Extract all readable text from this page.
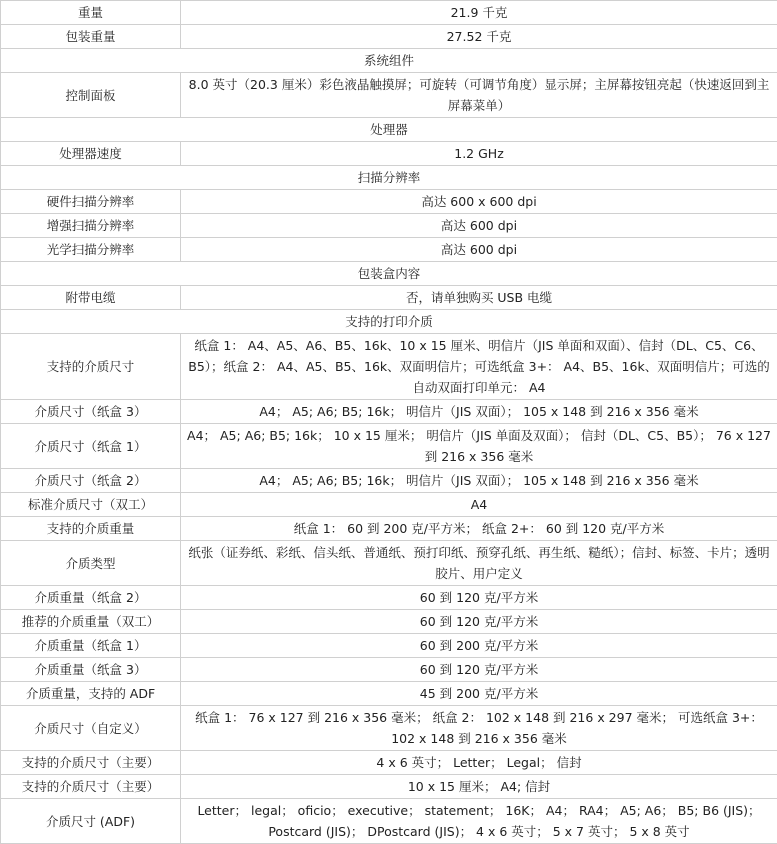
重量	21.9 千克
包装重量	27.52 千克
系统组件	
控制面板	8.0 英寸（20.3 厘米）彩色液晶触摸屏；可旋转（可调节角度）显示屏；主屏幕按钮亮起（快速返回到主屏幕菜单）
处理器	
处理器速度	1.2 GHz
扫描分辨率	
硬件扫描分辨率	高达 600 x 600 dpi
增强扫描分辨率	高达 600 dpi
光学扫描分辨率	高达 600 dpi
包装盒内容	
附带电缆	否，请单独购买 USB 电缆
支持的打印介质	
支持的介质尺寸	纸盒 1： A4、A5、A6、B5、16k、10 x 15 厘米、明信片（JIS 单面和双面）、信封（DL、C5、C6、B5）；纸盒 2： A4、A5、B5、16k、双面明信片；可选纸盒 3+： A4、B5、16k、双面明信片；可选的自动双面打印单元： A4
介质尺寸（纸盒 3）	A4； A5; A6; B5; 16k； 明信片（JIS 双面）； 105 x 148 到 216 x 356 毫米
介质尺寸（纸盒 1）	A4； A5; A6; B5; 16k； 10 x 15 厘米； 明信片（JIS 单面及双面）； 信封（DL、C5、B5）； 76 x 127 到 216 x 356 毫米
介质尺寸（纸盒 2）	A4； A5; A6; B5; 16k； 明信片（JIS 双面）； 105 x 148 到 216 x 356 毫米
标准介质尺寸（双工）	A4
支持的介质重量	纸盒 1： 60 到 200 克/平方米； 纸盒 2+： 60 到 120 克/平方米
介质类型	纸张（证券纸、彩纸、信头纸、普通纸、预打印纸、预穿孔纸、再生纸、糙纸）；信封、标签、卡片；透明胶片、用户定义
介质重量（纸盒 2）	60 到 120 克/平方米
推荐的介质重量（双工）	60 到 120 克/平方米
介质重量（纸盒 1）	60 到 200 克/平方米
介质重量（纸盒 3）	60 到 120 克/平方米
介质重量，支持的 ADF	45 到 200 克/平方米
介质尺寸（自定义）	纸盒 1： 76 x 127 到 216 x 356 毫米； 纸盒 2： 102 x 148 到 216 x 297 毫米； 可选纸盒 3+： 102 x 148 到 216 x 356 毫米
支持的介质尺寸（主要）	4 x 6 英寸； Letter； Legal； 信封
支持的介质尺寸（主要）	10 x 15 厘米； A4; 信封
介质尺寸 (ADF)	Letter； legal； oficio； executive； statement； 16K； A4； RA4； A5; A6； B5; B6 (JIS)； Postcard (JIS)； DPostcard (JIS)； 4 x 6 英寸； 5 x 7 英寸； 5 x 8 英寸
